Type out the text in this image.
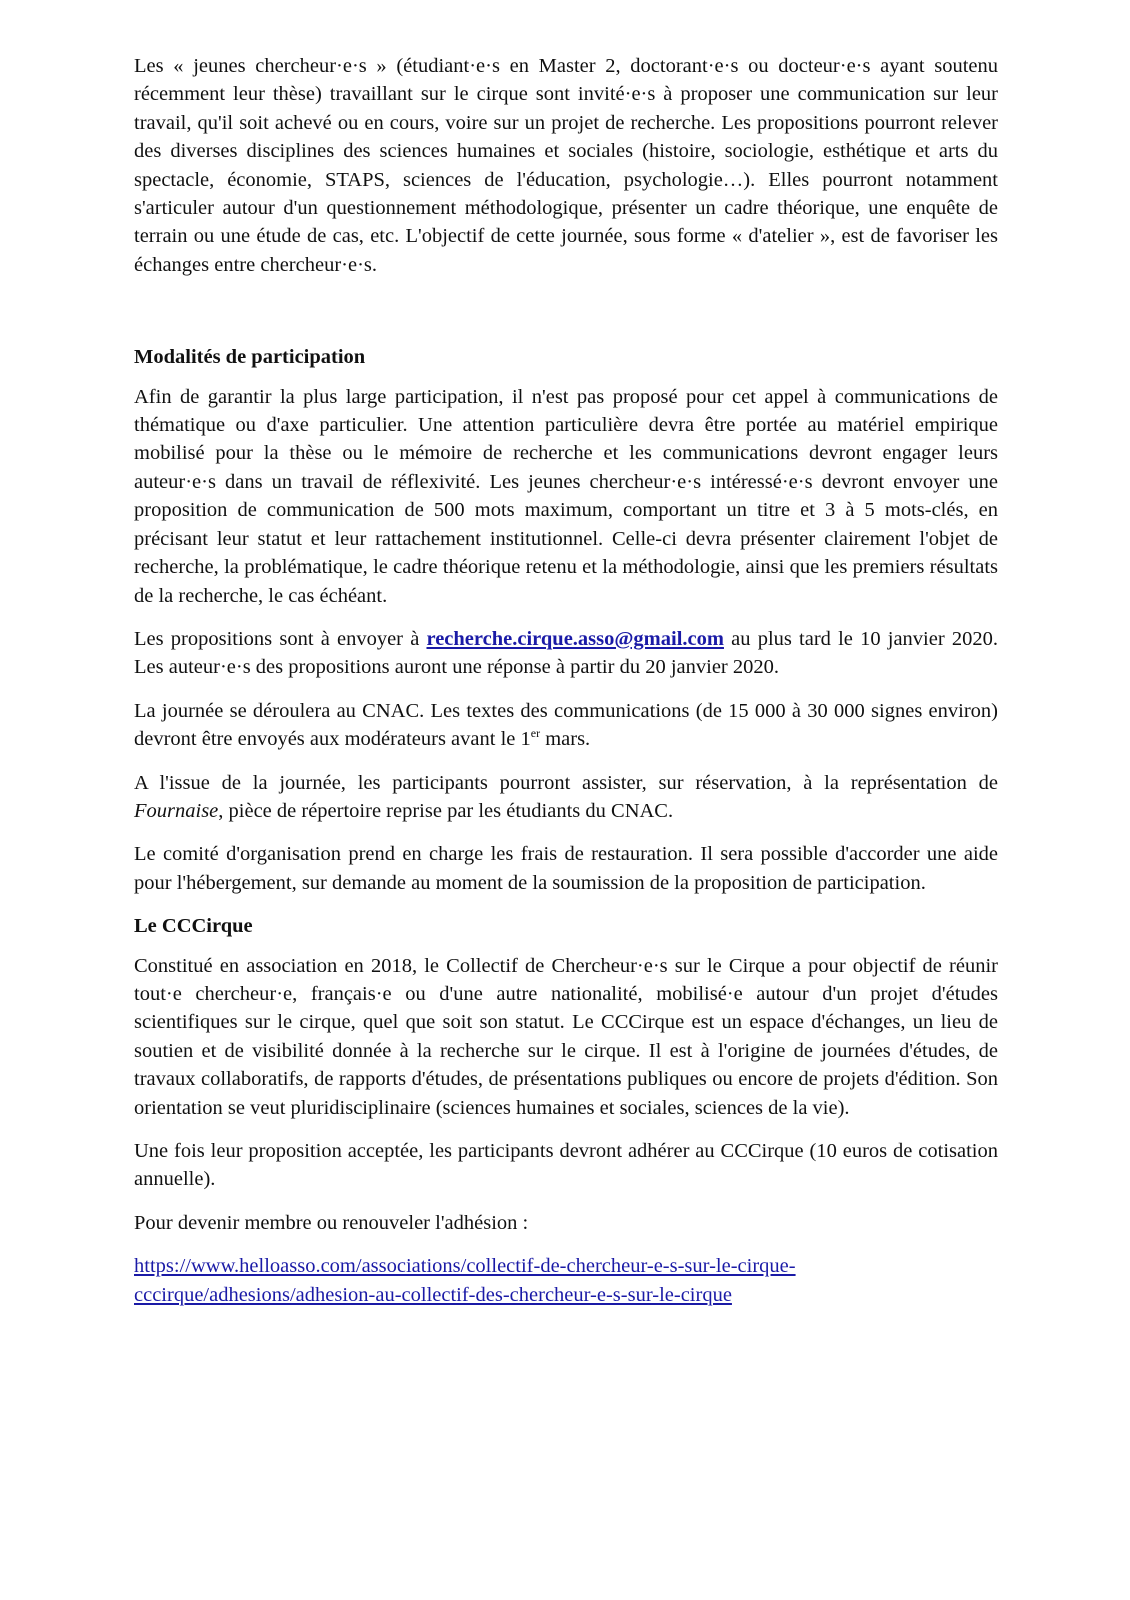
Les « jeunes chercheur·e·s » (étudiant·e·s en Master 2, doctorant·e·s ou docteur·e·s ayant soutenu récemment leur thèse) travaillant sur le cirque sont invité·e·s à proposer une communication sur leur travail, qu'il soit achevé ou en cours, voire sur un projet de recherche. Les propositions pourront relever des diverses disciplines des sciences humaines et sociales (histoire, sociologie, esthétique et arts du spectacle, économie, STAPS, sciences de l'éducation, psychologie…). Elles pourront notamment s'articuler autour d'un questionnement méthodologique, présenter un cadre théorique, une enquête de terrain ou une étude de cas, etc. L'objectif de cette journée, sous forme « d'atelier », est de favoriser les échanges entre chercheur·e·s.

Modalités de participation

Afin de garantir la plus large participation, il n'est pas proposé pour cet appel à communications de thématique ou d'axe particulier. Une attention particulière devra être portée au matériel empirique mobilisé pour la thèse ou le mémoire de recherche et les communications devront engager leurs auteur·e·s dans un travail de réflexivité. Les jeunes chercheur·e·s intéressé·e·s devront envoyer une proposition de communication de 500 mots maximum, comportant un titre et 3 à 5 mots-clés, en précisant leur statut et leur rattachement institutionnel. Celle-ci devra présenter clairement l'objet de recherche, la problématique, le cadre théorique retenu et la méthodologie, ainsi que les premiers résultats de la recherche, le cas échéant.

Les propositions sont à envoyer à recherche.cirque.asso@gmail.com au plus tard le 10 janvier 2020. Les auteur·e·s des propositions auront une réponse à partir du 20 janvier 2020.

La journée se déroulera au CNAC. Les textes des communications (de 15 000 à 30 000 signes environ) devront être envoyés aux modérateurs avant le 1er mars.

A l'issue de la journée, les participants pourront assister, sur réservation, à la représentation de Fournaise, pièce de répertoire reprise par les étudiants du CNAC.

Le comité d'organisation prend en charge les frais de restauration. Il sera possible d'accorder une aide pour l'hébergement, sur demande au moment de la soumission de la proposition de participation.

Le CCCirque

Constitué en association en 2018, le Collectif de Chercheur·e·s sur le Cirque a pour objectif de réunir tout·e chercheur·e, français·e ou d'une autre nationalité, mobilisé·e autour d'un projet d'études scientifiques sur le cirque, quel que soit son statut. Le CCCirque est un espace d'échanges, un lieu de soutien et de visibilité donnée à la recherche sur le cirque. Il est à l'origine de journées d'études, de travaux collaboratifs, de rapports d'études, de présentations publiques ou encore de projets d'édition. Son orientation se veut pluridisciplinaire (sciences humaines et sociales, sciences de la vie).

Une fois leur proposition acceptée, les participants devront adhérer au CCCirque (10 euros de cotisation annuelle).

Pour devenir membre ou renouveler l'adhésion :

https://www.helloasso.com/associations/collectif-de-chercheur-e-s-sur-le-cirque-
cccirque/adhesions/adhesion-au-collectif-des-chercheur-e-s-sur-le-cirque
